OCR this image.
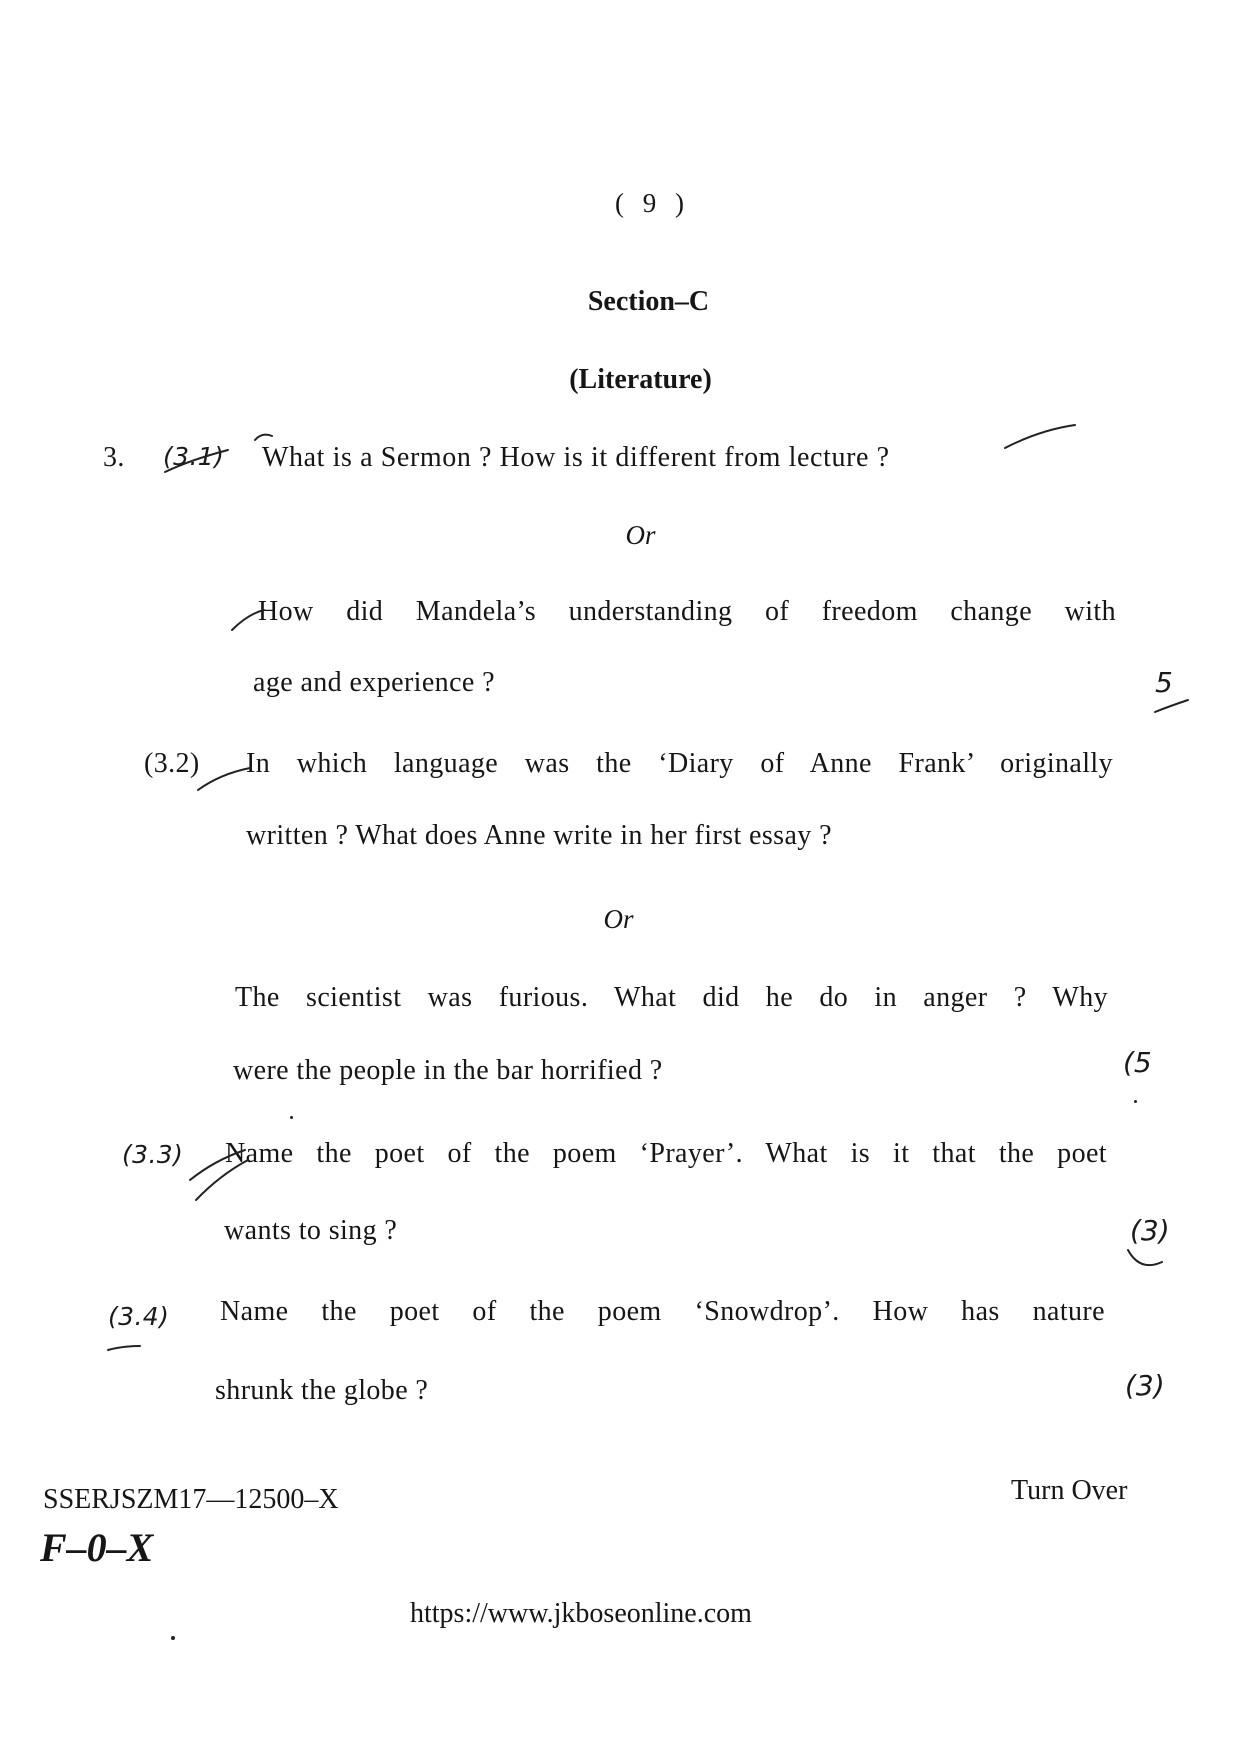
( 9 )
Section–C
(Literature)
3. (3.1) What is a Sermon ? How is it different from lecture ?
Or
How did Mandela’s understanding of freedom change with
age and experience ?	5
(3.2) In which language was the ‘Diary of Anne Frank’ originally
written ? What does Anne write in her first essay ?
Or
The scientist was furious. What did he do in anger ? Why
were the people in the bar horrified ?	(5
(3.3) Name the poet of the poem ‘Prayer’. What is it that the poet
wants to sing ?	(3)
(3.4) Name the poet of the poem ‘Snowdrop’. How has nature
shrunk the globe ?	(3)
SSERJSZM17—12500–X	Turn Over
F–0–X
https://www.jkboseonline.com
